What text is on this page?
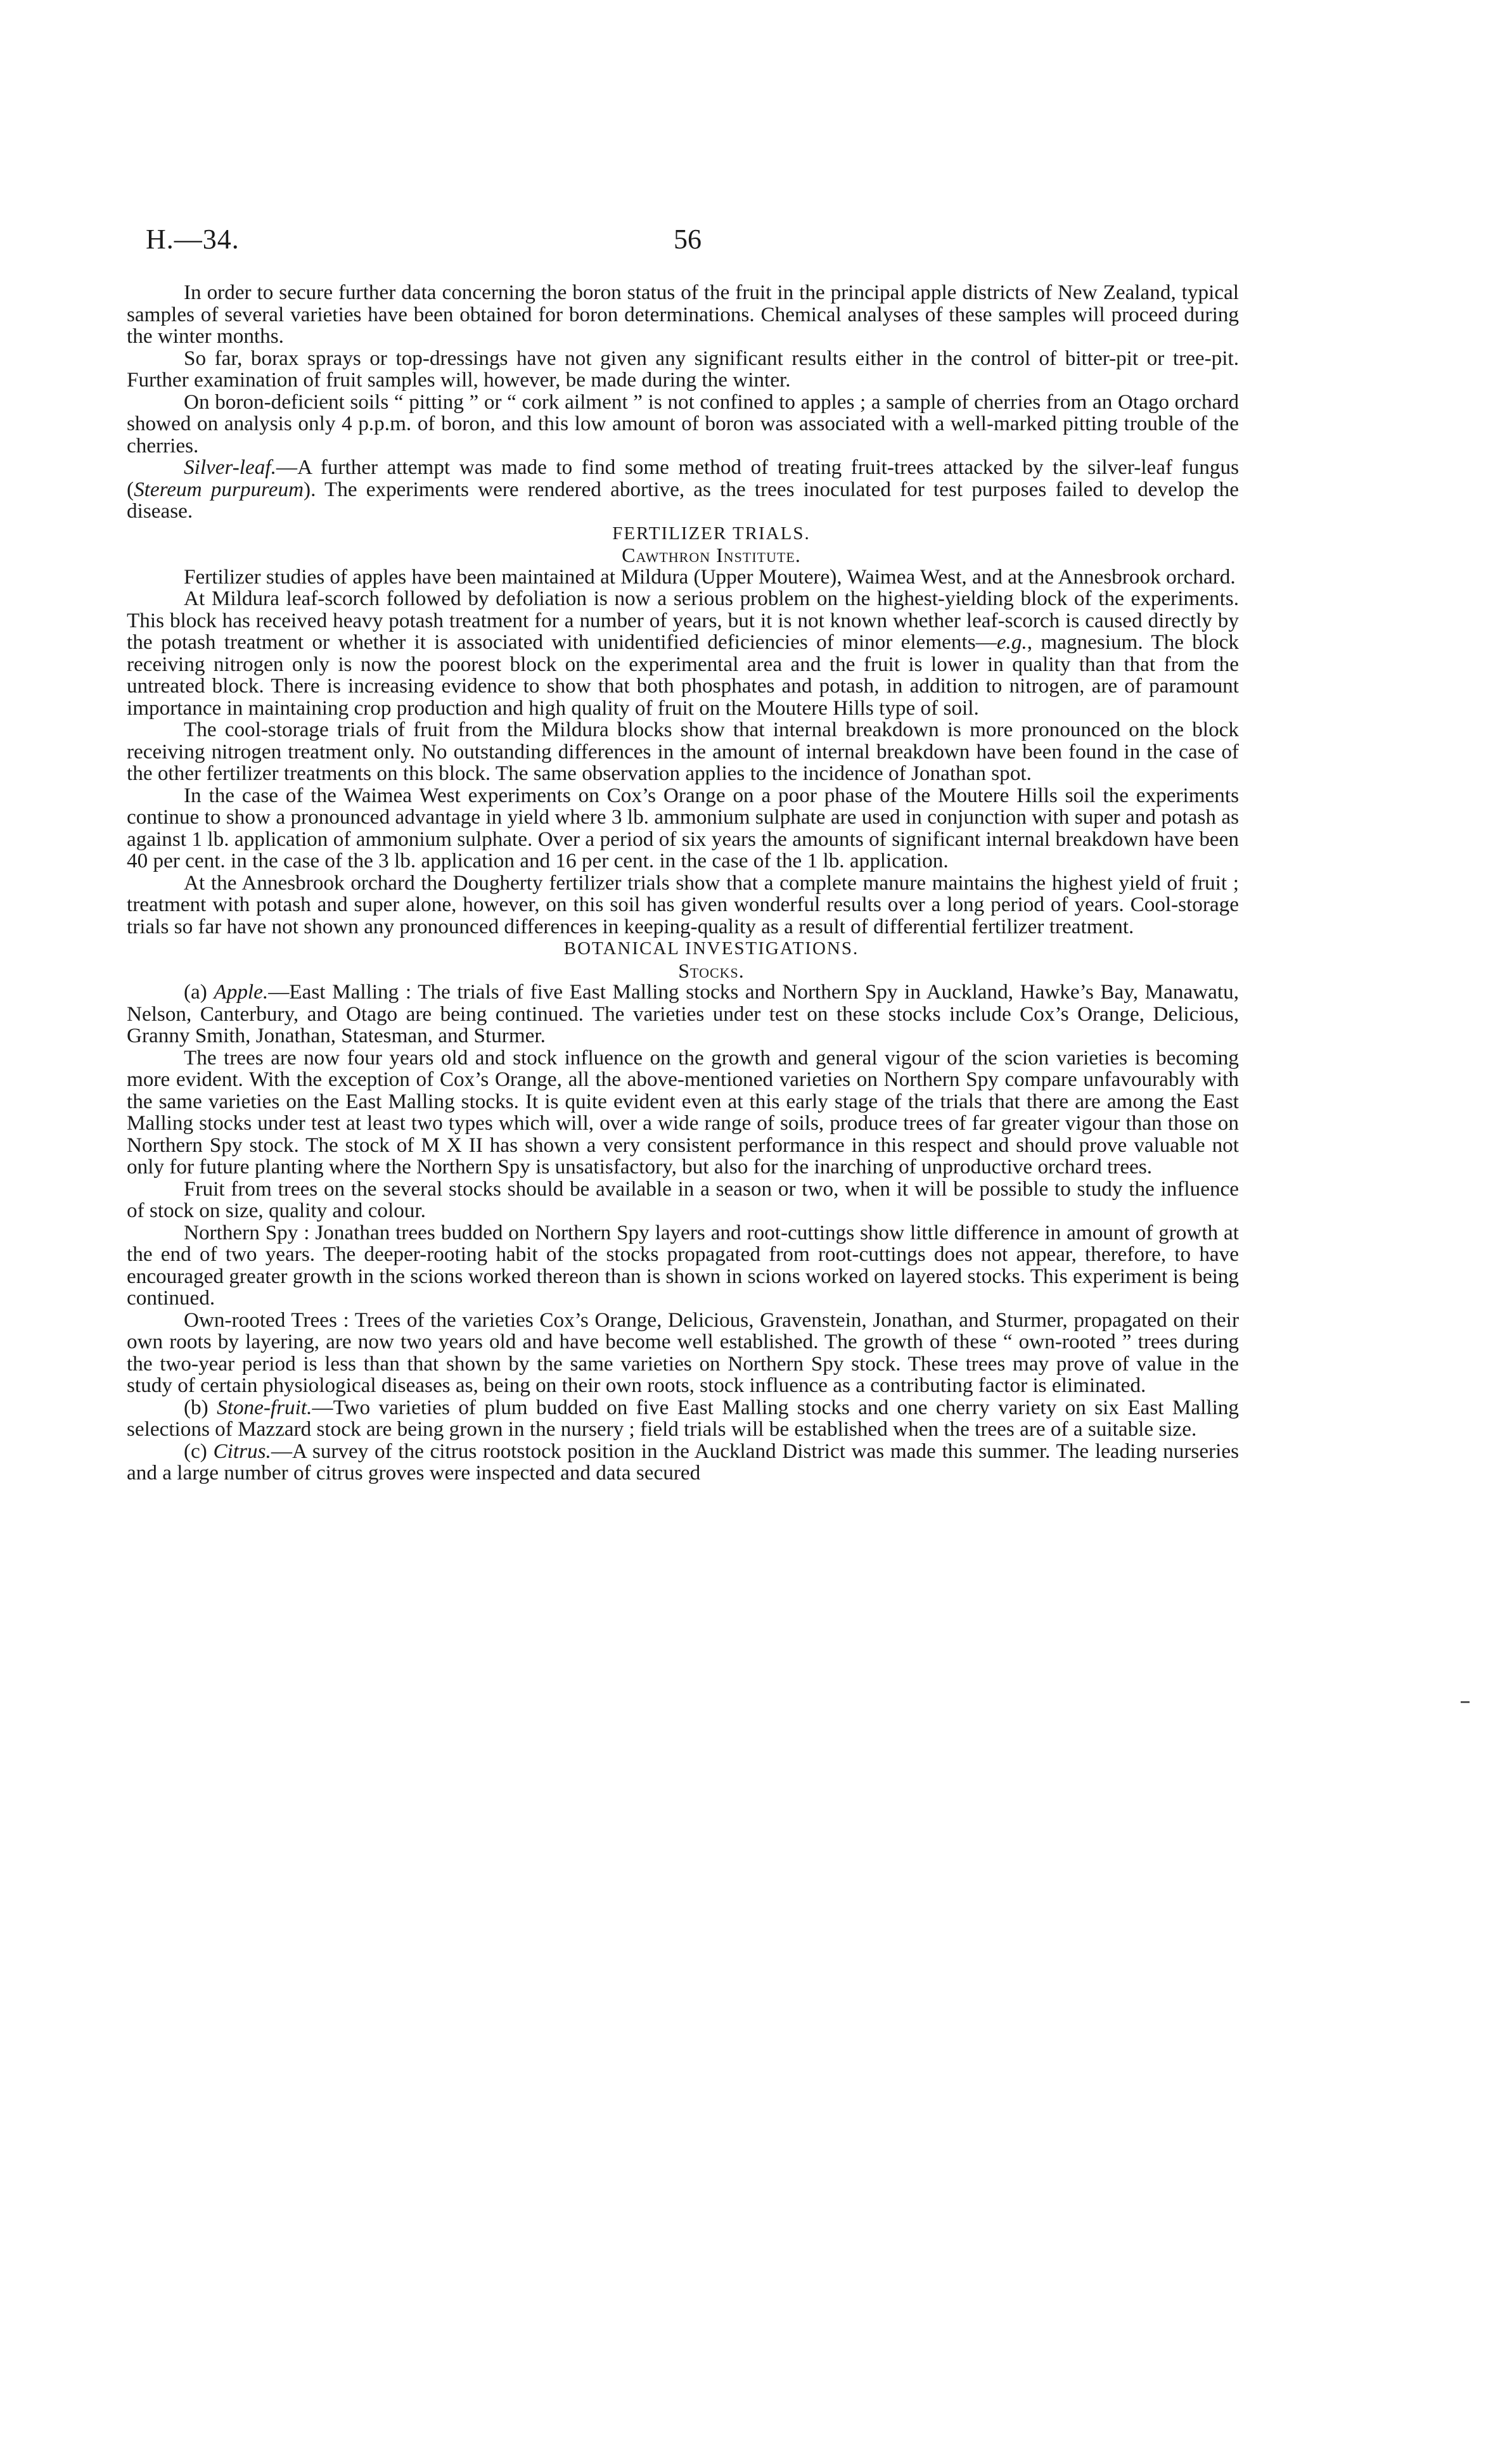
H.—34.	56

In order to secure further data concerning the boron status of the fruit in the principal apple districts of New Zealand, typical samples of several varieties have been obtained for boron determinations. Chemical analyses of these samples will proceed during the winter months.

So far, borax sprays or top-dressings have not given any significant results either in the control of bitter-pit or tree-pit. Further examination of fruit samples will, however, be made during the winter.

On boron-deficient soils “ pitting ” or “ cork ailment ” is not confined to apples ; a sample of cherries from an Otago orchard showed on analysis only 4 p.p.m. of boron, and this low amount of boron was associated with a well-marked pitting trouble of the cherries.

Silver-leaf.—A further attempt was made to find some method of treating fruit-trees attacked by the silver-leaf fungus (Stereum purpureum). The experiments were rendered abortive, as the trees inoculated for test purposes failed to develop the disease.

FERTILIZER TRIALS.

Cawthron Institute.

Fertilizer studies of apples have been maintained at Mildura (Upper Moutere), Waimea West, and at the Annesbrook orchard.

At Mildura leaf-scorch followed by defoliation is now a serious problem on the highest-yielding block of the experiments. This block has received heavy potash treatment for a number of years, but it is not known whether leaf-scorch is caused directly by the potash treatment or whether it is associated with unidentified deficiencies of minor elements—e.g., magnesium. The block receiving nitrogen only is now the poorest block on the experimental area and the fruit is lower in quality than that from the untreated block. There is increasing evidence to show that both phosphates and potash, in addition to nitrogen, are of paramount importance in maintaining crop production and high quality of fruit on the Moutere Hills type of soil.

The cool-storage trials of fruit from the Mildura blocks show that internal breakdown is more pronounced on the block receiving nitrogen treatment only. No outstanding differences in the amount of internal breakdown have been found in the case of the other fertilizer treatments on this block. The same observation applies to the incidence of Jonathan spot.

In the case of the Waimea West experiments on Cox’s Orange on a poor phase of the Moutere Hills soil the experiments continue to show a pronounced advantage in yield where 3 lb. ammonium sulphate are used in conjunction with super and potash as against 1 lb. application of ammonium sulphate. Over a period of six years the amounts of significant internal breakdown have been 40 per cent. in the case of the 3 lb. application and 16 per cent. in the case of the 1 lb. application.

At the Annesbrook orchard the Dougherty fertilizer trials show that a complete manure maintains the highest yield of fruit ; treatment with potash and super alone, however, on this soil has given wonderful results over a long period of years. Cool-storage trials so far have not shown any pronounced differences in keeping-quality as a result of differential fertilizer treatment.

BOTANICAL INVESTIGATIONS.

Stocks.

(a) Apple.—East Malling : The trials of five East Malling stocks and Northern Spy in Auckland, Hawke’s Bay, Manawatu, Nelson, Canterbury, and Otago are being continued. The varieties under test on these stocks include Cox’s Orange, Delicious, Granny Smith, Jonathan, Statesman, and Sturmer.

The trees are now four years old and stock influence on the growth and general vigour of the scion varieties is becoming more evident. With the exception of Cox’s Orange, all the above-mentioned varieties on Northern Spy compare unfavourably with the same varieties on the East Malling stocks. It is quite evident even at this early stage of the trials that there are among the East Malling stocks under test at least two types which will, over a wide range of soils, produce trees of far greater vigour than those on Northern Spy stock. The stock of M X II has shown a very consistent performance in this respect and should prove valuable not only for future planting where the Northern Spy is unsatisfactory, but also for the inarching of unproductive orchard trees.

Fruit from trees on the several stocks should be available in a season or two, when it will be possible to study the influence of stock on size, quality and colour.

Northern Spy : Jonathan trees budded on Northern Spy layers and root-cuttings show little difference in amount of growth at the end of two years. The deeper-rooting habit of the stocks propagated from root-cuttings does not appear, therefore, to have encouraged greater growth in the scions worked thereon than is shown in scions worked on layered stocks. This experiment is being continued.

Own-rooted Trees : Trees of the varieties Cox’s Orange, Delicious, Gravenstein, Jonathan, and Sturmer, propagated on their own roots by layering, are now two years old and have become well established. The growth of these “ own-rooted ” trees during the two-year period is less than that shown by the same varieties on Northern Spy stock. These trees may prove of value in the study of certain physiological diseases as, being on their own roots, stock influence as a contributing factor is eliminated.

(b) Stone-fruit.—Two varieties of plum budded on five East Malling stocks and one cherry variety on six East Malling selections of Mazzard stock are being grown in the nursery ; field trials will be established when the trees are of a suitable size.

(c) Citrus.—A survey of the citrus rootstock position in the Auckland District was made this summer. The leading nurseries and a large number of citrus groves were inspected and data secured
